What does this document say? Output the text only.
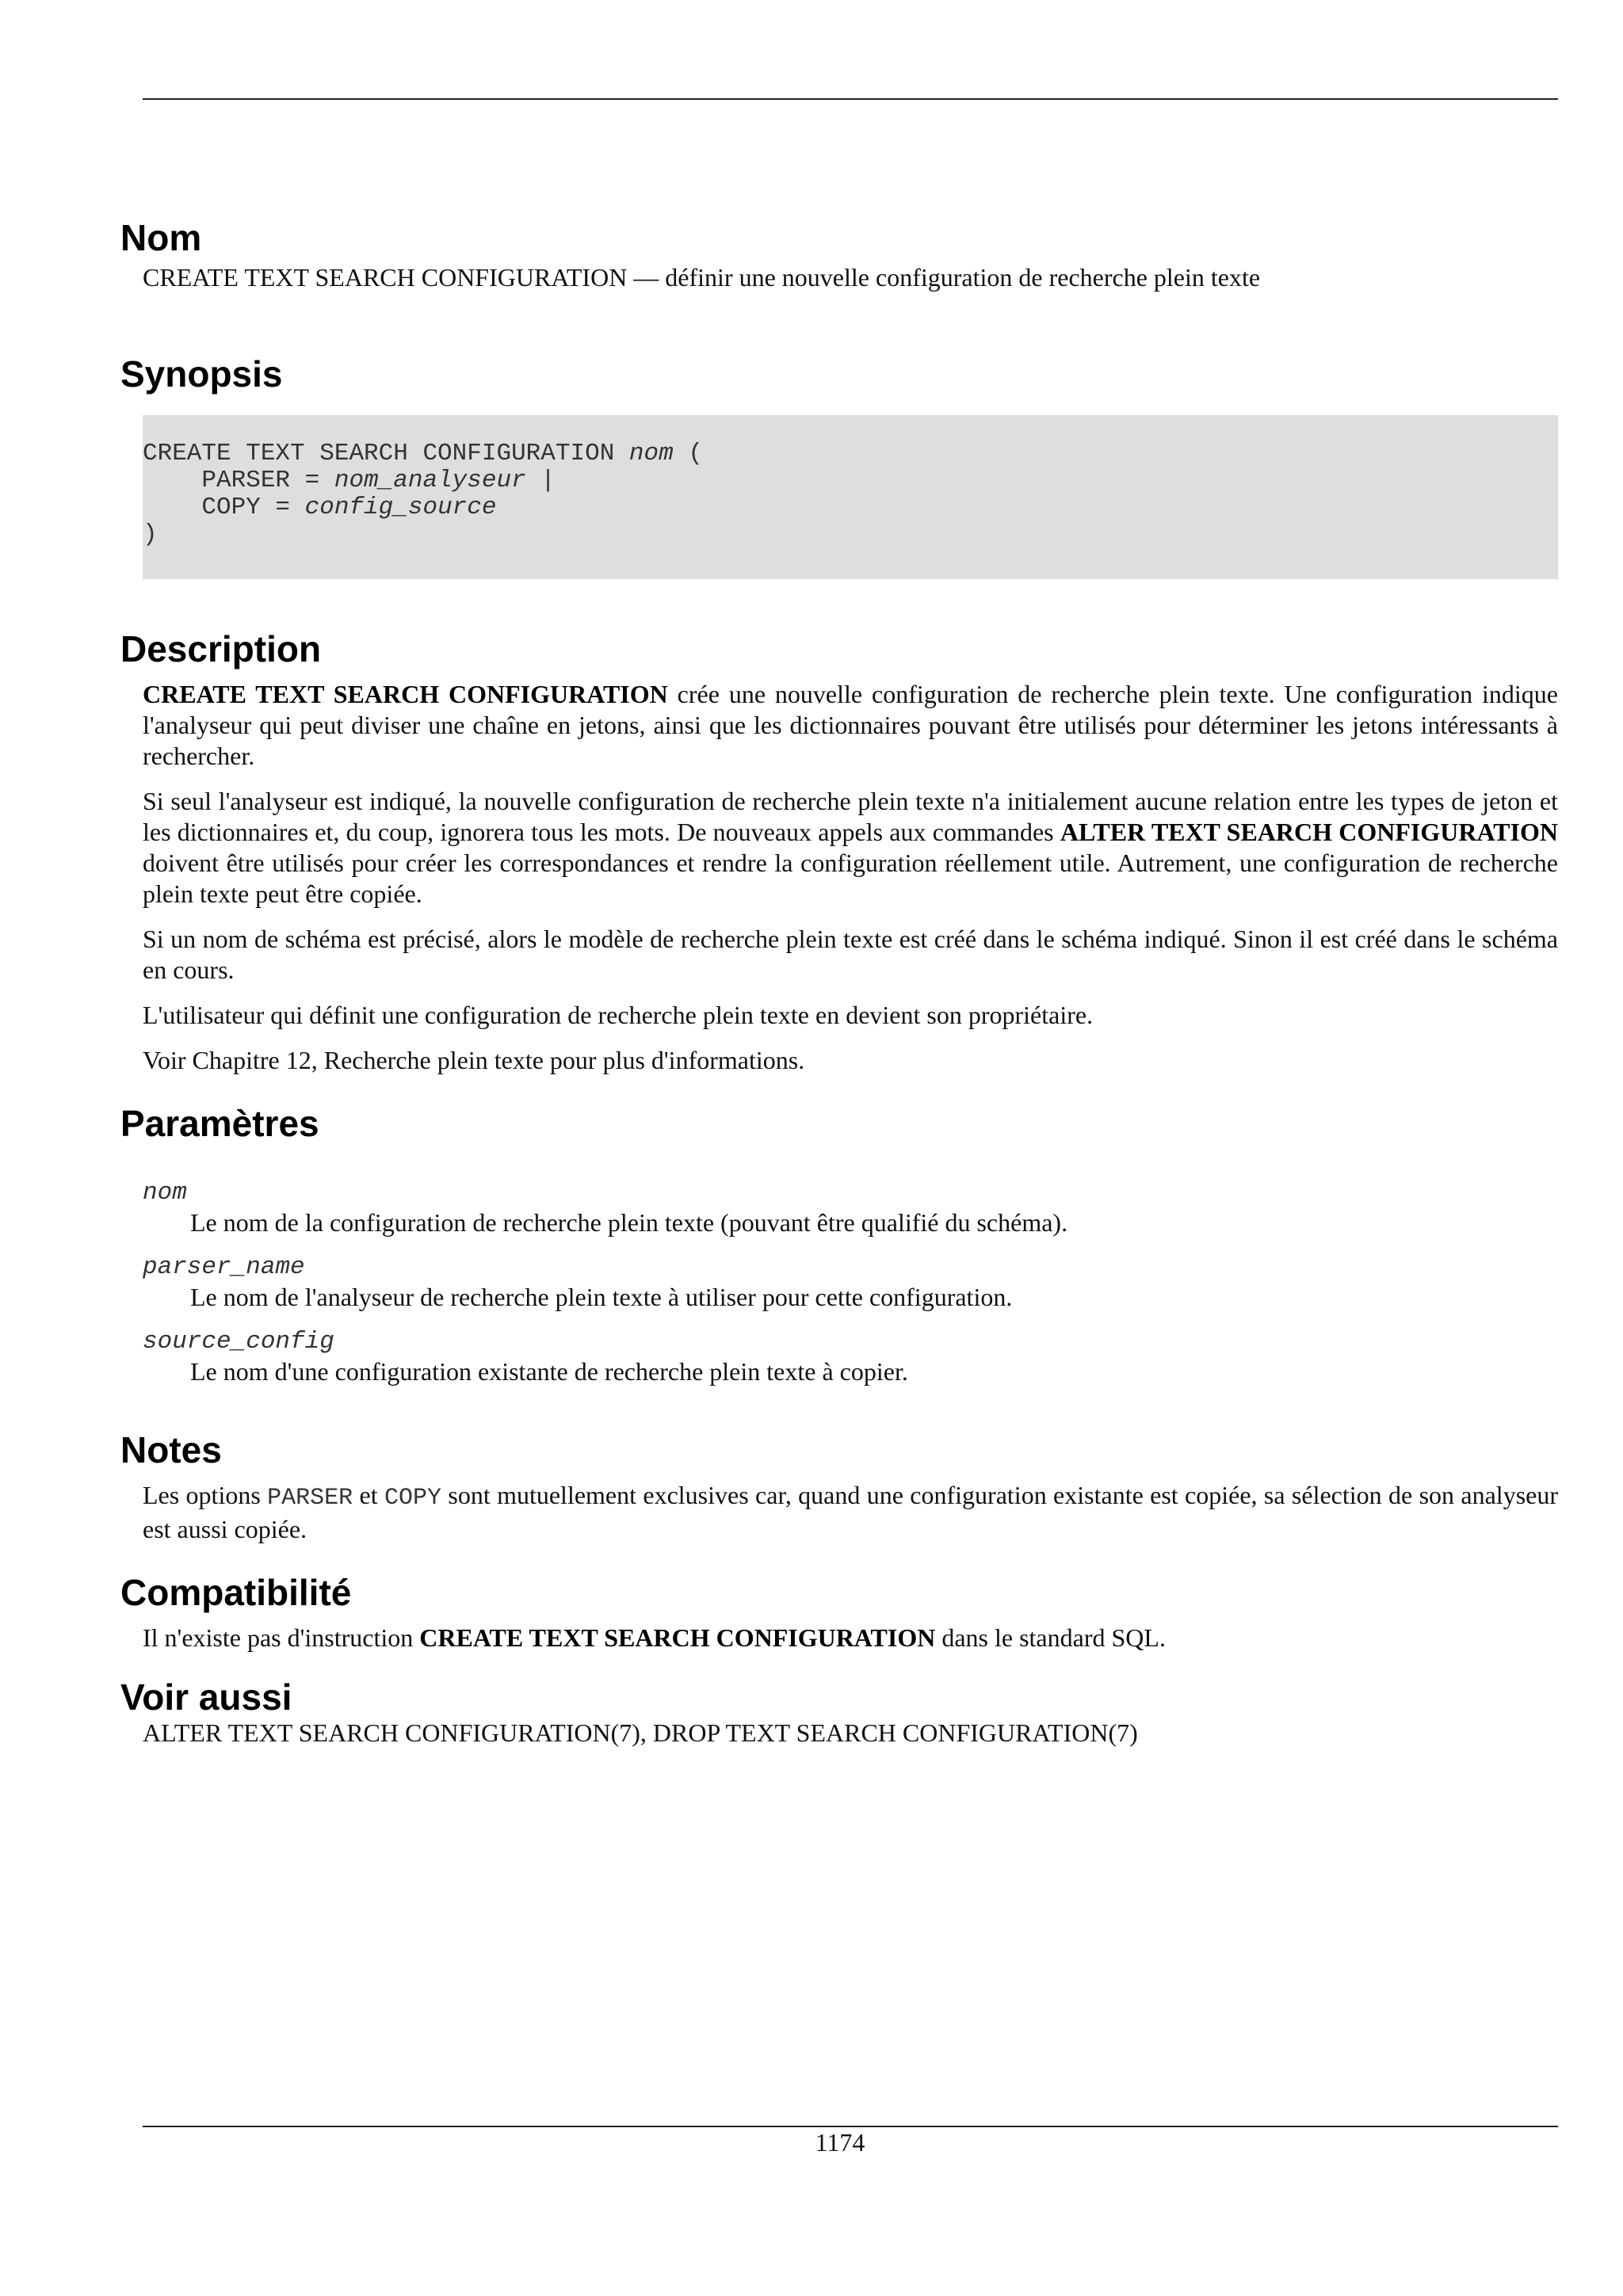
Nom
CREATE TEXT SEARCH CONFIGURATION — définir une nouvelle configuration de recherche plein texte
Synopsis
CREATE TEXT SEARCH CONFIGURATION nom (
PARSER = nom_analyseur |
COPY = config_source
)
Description

CREATE TEXT SEARCH CONFIGURATION crée une nouvelle configuration de recherche plein texte. Une configuration indique l'analyseur qui peut diviser une chaîne en jetons, ainsi que les dictionnaires pouvant être utilisés pour déterminer les jetons intéressants à rechercher.

Si seul l'analyseur est indiqué, la nouvelle configuration de recherche plein texte n'a initialement aucune relation entre les types de jeton et les dictionnaires et, du coup, ignorera tous les mots. De nouveaux appels aux commandes ALTER TEXT SEARCH CONFIGURATION doivent être utilisés pour créer les correspondances et rendre la configuration réellement utile. Autrement, une configuration de recherche plein texte peut être copiée.

Si un nom de schéma est précisé, alors le modèle de recherche plein texte est créé dans le schéma indiqué. Sinon il est créé dans le schéma en cours.

L'utilisateur qui définit une configuration de recherche plein texte en devient son propriétaire.

Voir Chapitre 12, Recherche plein texte pour plus d'informations.

Paramètres
nom
Le nom de la configuration de recherche plein texte (pouvant être qualifié du schéma).
parser_name
Le nom de l'analyseur de recherche plein texte à utiliser pour cette configuration.
source_config
Le nom d'une configuration existante de recherche plein texte à copier.
Notes

Les options PARSER et COPY sont mutuellement exclusives car, quand une configuration existante est copiée, sa sélection de son analyseur est aussi copiée.

Compatibilité

Il n'existe pas d'instruction CREATE TEXT SEARCH CONFIGURATION dans le standard SQL.

Voir aussi
ALTER TEXT SEARCH CONFIGURATION(7), DROP TEXT SEARCH CONFIGURATION(7)
1174
